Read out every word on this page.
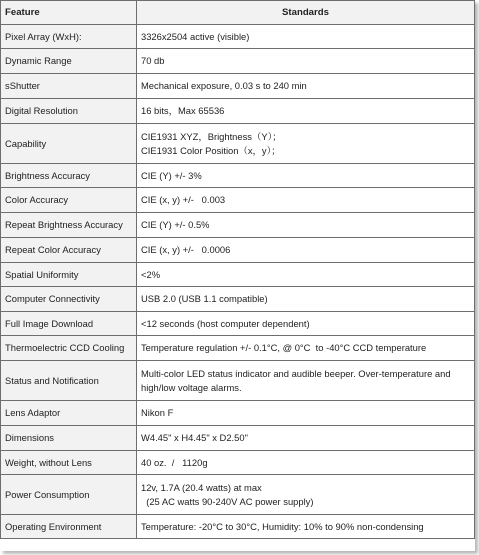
Feature	Standards
Pixel Array (WxH):	3326x2504 active (visible)

Dynamic Range	70 db

sShutter	Mechanical exposure, 0.03 s to 240 min

Digital Resolution	16 bits，Max 65536

Capability	CIE1931 XYZ，Brightness（Y）；
CIE1931 Color Position（x，y）；

Brightness Accuracy	CIE (Y) +/- 3%

Color Accuracy	CIE (x, y) +/-   0.003

Repeat Brightness Accuracy	CIE (Y) +/- 0.5%

Repeat Color Accuracy	CIE (x, y) +/-   0.0006

Spatial Uniformity	<2%

Computer Connectivity	USB 2.0 (USB 1.1 compatible)

Full Image Download	<12 seconds (host computer dependent)

Thermoelectric CCD Cooling	Temperature regulation +/- 0.1°C, @ 0°C  to -40°C CCD temperature

Status and Notification	Multi-color LED status indicator and audible beeper. Over-temperature and
high/low voltage alarms.

Lens Adaptor	Nikon F

Dimensions	W4.45" x H4.45" x D2.50"

Weight, without Lens	40 oz.  /   1120g

Power Consumption	12v, 1.7A (20.4 watts) at max
(25 AC watts 90-240V AC power supply)

Operating Environment	Temperature: -20°C to 30°C, Humidity: 10% to 90% non-condensing
